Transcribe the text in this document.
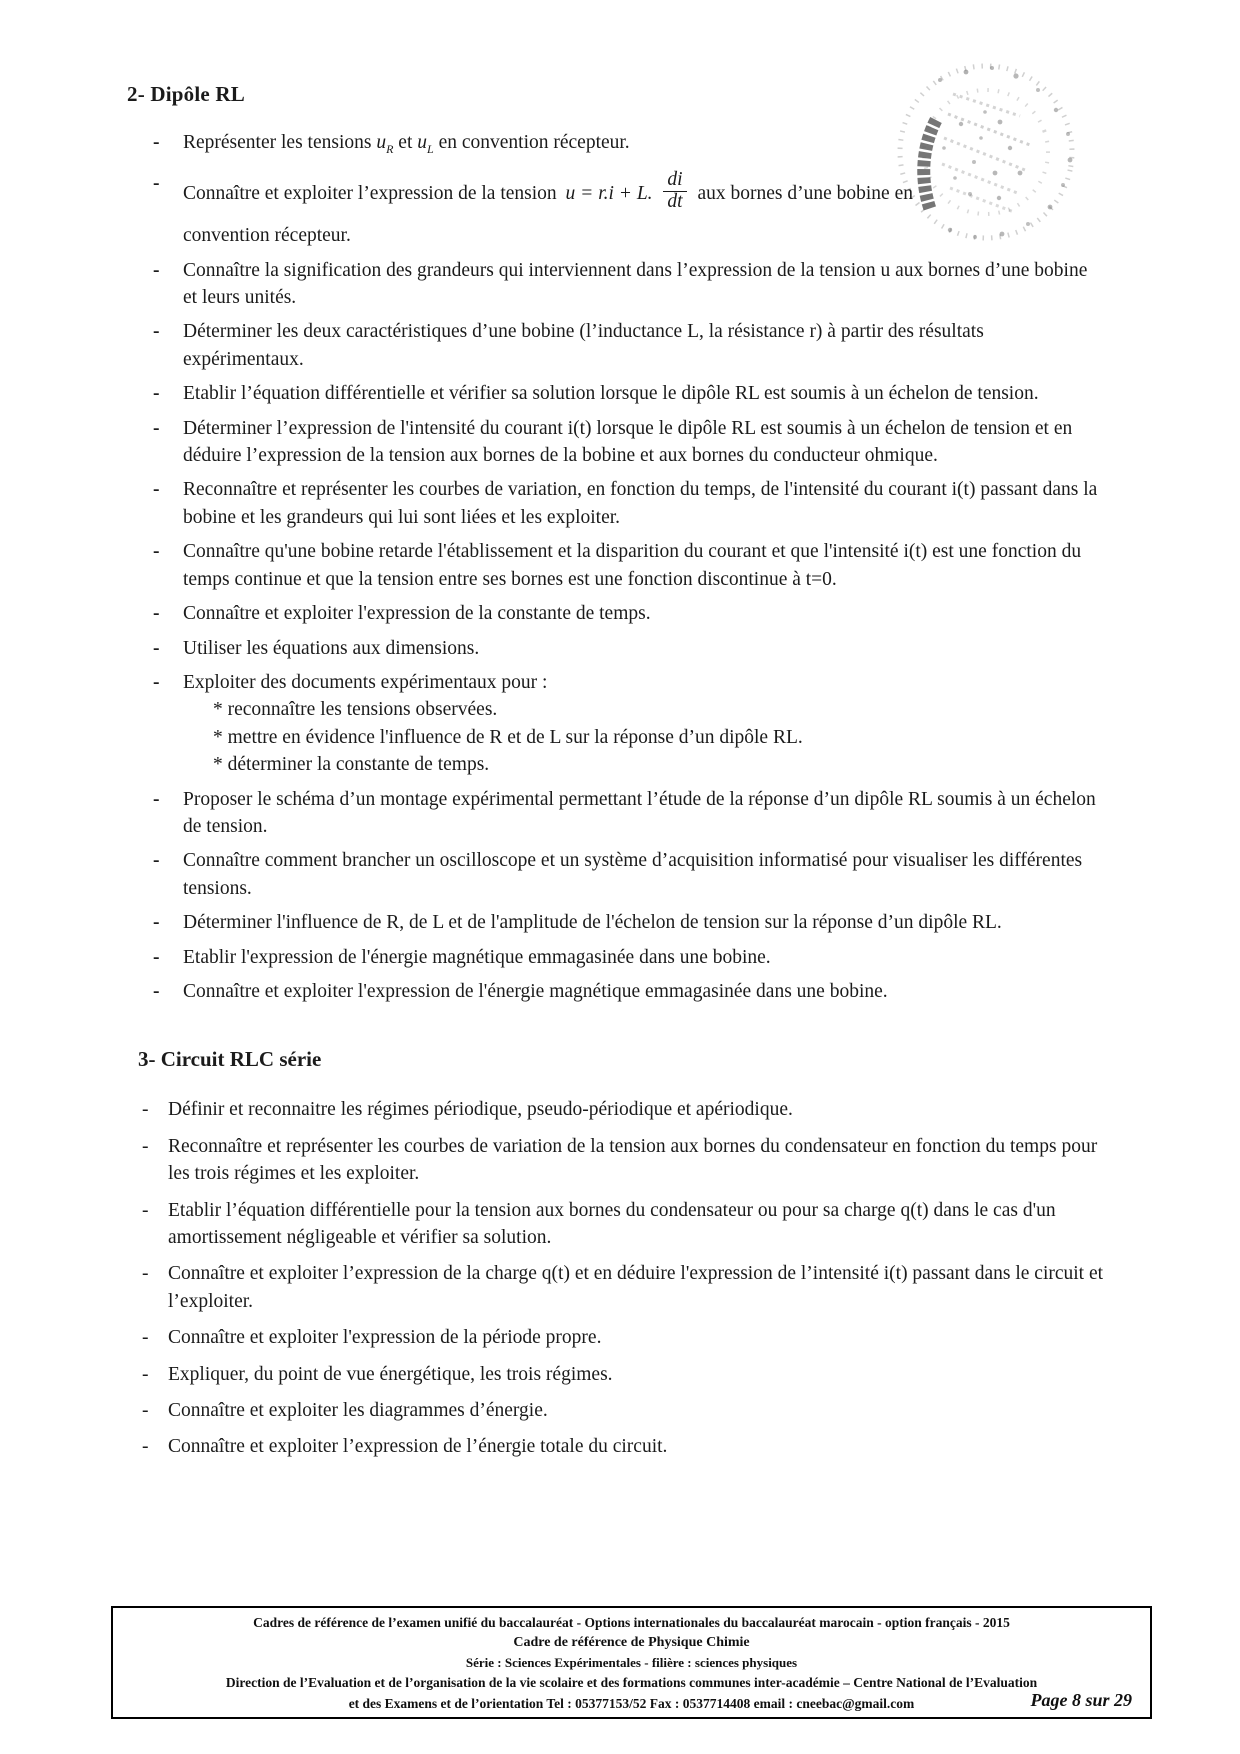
2- Dipôle RL
- Représenter les tensions $u_R$ et $u_L$ en convention récepteur.
- Connaître et exploiter l’expression de la tension u = r.i + L. $\frac{di}{dt}$ aux bornes d’une bobine en
convention récepteur.
- Connaître la signification des grandeurs qui interviennent dans l’expression de la tension u aux bornes d’une bobine et leurs unités.
- Déterminer les deux caractéristiques d’une bobine (l’inductance L, la résistance r) à partir des résultats expérimentaux.
- Etablir l’équation différentielle et vérifier sa solution lorsque le dipôle RL est soumis à un échelon de tension.
- Déterminer l’expression de l'intensité du courant i(t) lorsque le dipôle RL est soumis à un échelon de tension et en déduire l’expression de la tension aux bornes de la bobine et aux bornes du conducteur ohmique.
- Reconnaître et représenter les courbes de variation, en fonction du temps, de l'intensité du courant i(t) passant dans la bobine et les grandeurs qui lui sont liées et les exploiter.
- Connaître qu'une bobine retarde l'établissement et la disparition du courant et que l'intensité i(t) est une fonction du temps continue et que la tension entre ses bornes est une fonction discontinue à t=0.
- Connaître et exploiter l'expression de la constante de temps.
- Utiliser les équations aux dimensions.
- Exploiter des documents expérimentaux pour :
* reconnaître les tensions observées.
* mettre en évidence l'influence de R et de L sur la réponse d’un dipôle RL.
* déterminer la constante de temps.
- Proposer le schéma d’un montage expérimental permettant l’étude de la réponse d’un dipôle RL soumis à un échelon de tension.
- Connaître comment brancher un oscilloscope et un système d’acquisition informatisé pour visualiser les différentes tensions.
- Déterminer l'influence de R, de L et de l'amplitude de l'échelon de tension sur la réponse d’un dipôle RL.
- Etablir l'expression de l'énergie magnétique emmagasinée dans une bobine.
- Connaître et exploiter l'expression de l'énergie magnétique emmagasinée dans une bobine.
3- Circuit RLC série
- Définir et reconnaitre les régimes périodique, pseudo-périodique et apériodique.
- Reconnaître et représenter les courbes de variation de la tension aux bornes du condensateur en fonction du temps pour les trois régimes et les exploiter.
- Etablir l’équation différentielle pour la tension aux bornes du condensateur ou pour sa charge q(t) dans le cas d'un amortissement négligeable et vérifier sa solution.
- Connaître et exploiter l’expression de la charge q(t) et en déduire l'expression de l’intensité i(t) passant dans le circuit et l’exploiter.
- Connaître et exploiter l'expression de la période propre.
- Expliquer, du point de vue énergétique, les trois régimes.
- Connaître et exploiter les diagrammes d’énergie.
- Connaître et exploiter l’expression de l’énergie totale du circuit.
Cadres de référence de l’examen unifié du baccalauréat - Options internationales du baccalauréat marocain - option français - 2015
Cadre de référence de Physique Chimie
Série : Sciences Expérimentales - filière : sciences physiques
Direction de l’Evaluation et de l’organisation de la vie scolaire et des formations communes inter-académie – Centre National de l’Evaluation
et des Examens et de l’orientation Tel : 05377153/52 Fax : 0537714408 email : cneebac@gmail.com	Page 8 sur 29
